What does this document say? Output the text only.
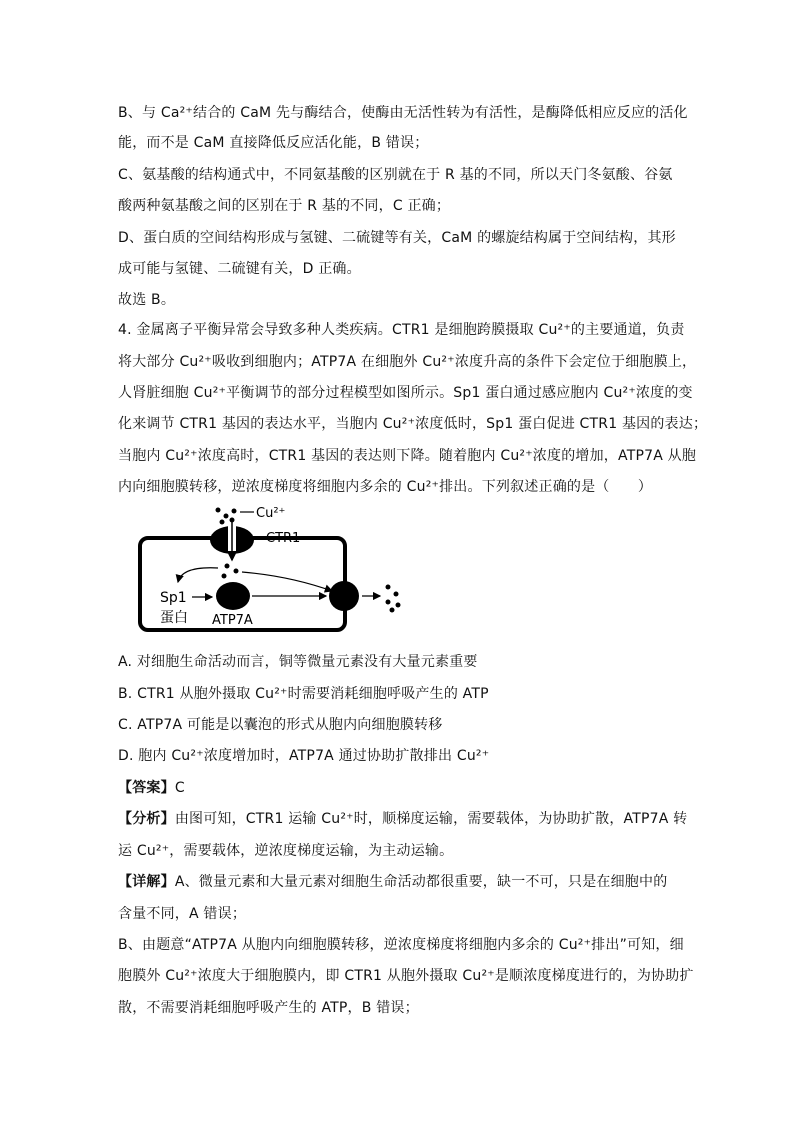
B、与 Ca²⁺结合的 CaM 先与酶结合，使酶由无活性转为有活性，是酶降低相应反应的活化
能，而不是 CaM 直接降低反应活化能，B 错误；
C、氨基酸的结构通式中，不同氨基酸的区别就在于 R 基的不同，所以天门冬氨酸、谷氨
酸两种氨基酸之间的区别在于 R 基的不同，C 正确；
D、蛋白质的空间结构形成与氢键、二硫键等有关，CaM 的螺旋结构属于空间结构，其形
成可能与氢键、二硫键有关，D 正确。
故选 B。
4. 金属离子平衡异常会导致多种人类疾病。CTR1 是细胞跨膜摄取 Cu²⁺的主要通道，负责
将大部分 Cu²⁺吸收到细胞内；ATP7A 在细胞外 Cu²⁺浓度升高的条件下会定位于细胞膜上，
人肾脏细胞 Cu²⁺平衡调节的部分过程模型如图所示。Sp1 蛋白通过感应胞内 Cu²⁺浓度的变
化来调节 CTR1 基因的表达水平，当胞内 Cu²⁺浓度低时，Sp1 蛋白促进 CTR1 基因的表达；
当胞内 Cu²⁺浓度高时，CTR1 基因的表达则下降。随着胞内 Cu²⁺浓度的增加，ATP7A 从胞
内向细胞膜转移，逆浓度梯度将细胞内多余的 Cu²⁺排出。下列叙述正确的是（　　）
Cu²⁺
CTR1
Sp1
蛋白 ATP7A
A. 对细胞生命活动而言，铜等微量元素没有大量元素重要
B. CTR1 从胞外摄取 Cu²⁺时需要消耗细胞呼吸产生的 ATP
C. ATP7A 可能是以囊泡的形式从胞内向细胞膜转移
D. 胞内 Cu²⁺浓度增加时，ATP7A 通过协助扩散排出 Cu²⁺
【答案】C
【分析】由图可知，CTR1 运输 Cu²⁺时，顺梯度运输，需要载体，为协助扩散，ATP7A 转
运 Cu²⁺，需要载体，逆浓度梯度运输，为主动运输。
【详解】A、微量元素和大量元素对细胞生命活动都很重要，缺一不可，只是在细胞中的
含量不同，A 错误；
B、由题意“ATP7A 从胞内向细胞膜转移，逆浓度梯度将细胞内多余的 Cu²⁺排出”可知，细
胞膜外 Cu²⁺浓度大于细胞膜内，即 CTR1 从胞外摄取 Cu²⁺是顺浓度梯度进行的，为协助扩
散，不需要消耗细胞呼吸产生的 ATP，B 错误；
